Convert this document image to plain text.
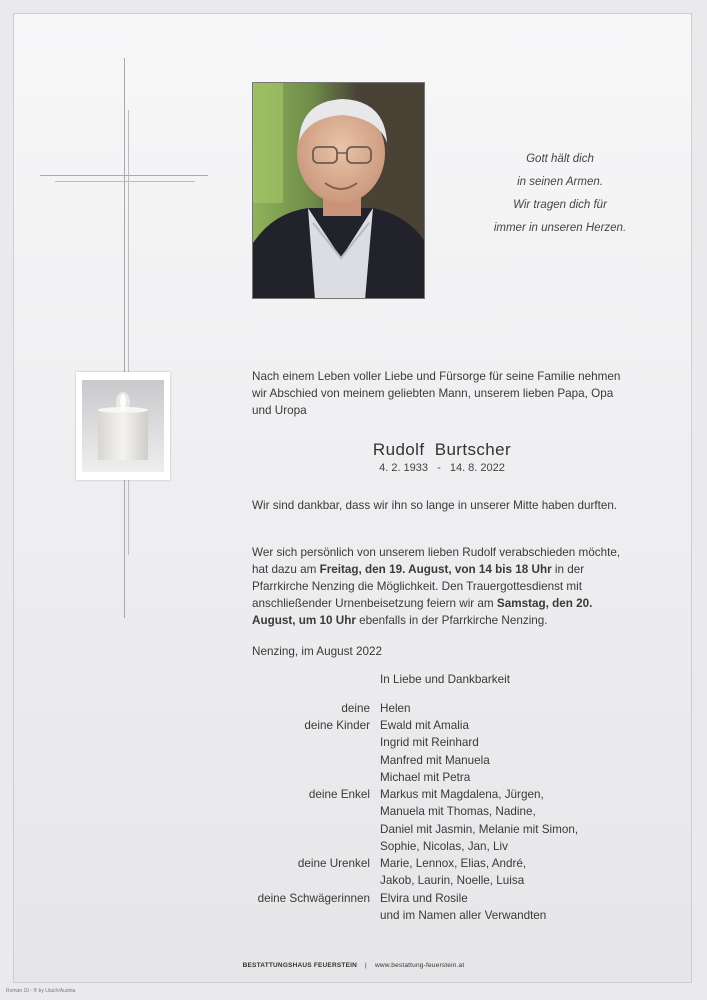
Gott hält dich
in seinen Armen.
Wir tragen dich für
immer in unseren Herzen.
Nach einem Leben voller Liebe und Fürsorge für seine Familie nehmen wir Abschied von meinem geliebten Mann, unserem lieben Papa, Opa und Uropa
Rudolf  Burtscher
4. 2. 1933 - 14. 8. 2022
Wir sind dankbar, dass wir ihn so lange in unserer Mitte haben durften.
Wer sich persönlich von unserem lieben Rudolf verabschieden möchte, hat dazu am Freitag, den 19. August, von 14 bis 18 Uhr in der Pfarrkirche Nenzing die Möglichkeit. Den Trauergottesdienst mit anschließender Urnenbeisetzung feiern wir am Samstag, den 20. August, um 10 Uhr ebenfalls in der Pfarrkirche Nenzing.
Nenzing, im August 2022
In Liebe und Dankbarkeit
deine Helen
deine Kinder Ewald mit Amalia
Ingrid mit Reinhard
Manfred mit Manuela
Michael mit Petra
deine Enkel Markus mit Magdalena, Jürgen,
Manuela mit Thomas, Nadine,
Daniel mit Jasmin, Melanie mit Simon,
Sophie, Nicolas, Jan, Liv
deine Urenkel Marie, Lennox, Elias, André,
Jakob, Laurin, Noelle, Luisa
deine Schwägerinnen Elvira und Rosile
und im Namen aller Verwandten
BESTATTUNGSHAUS FEUERSTEIN | www.bestattung-feuerstein.at
Roman 10 - ® by Lilach/Austria
